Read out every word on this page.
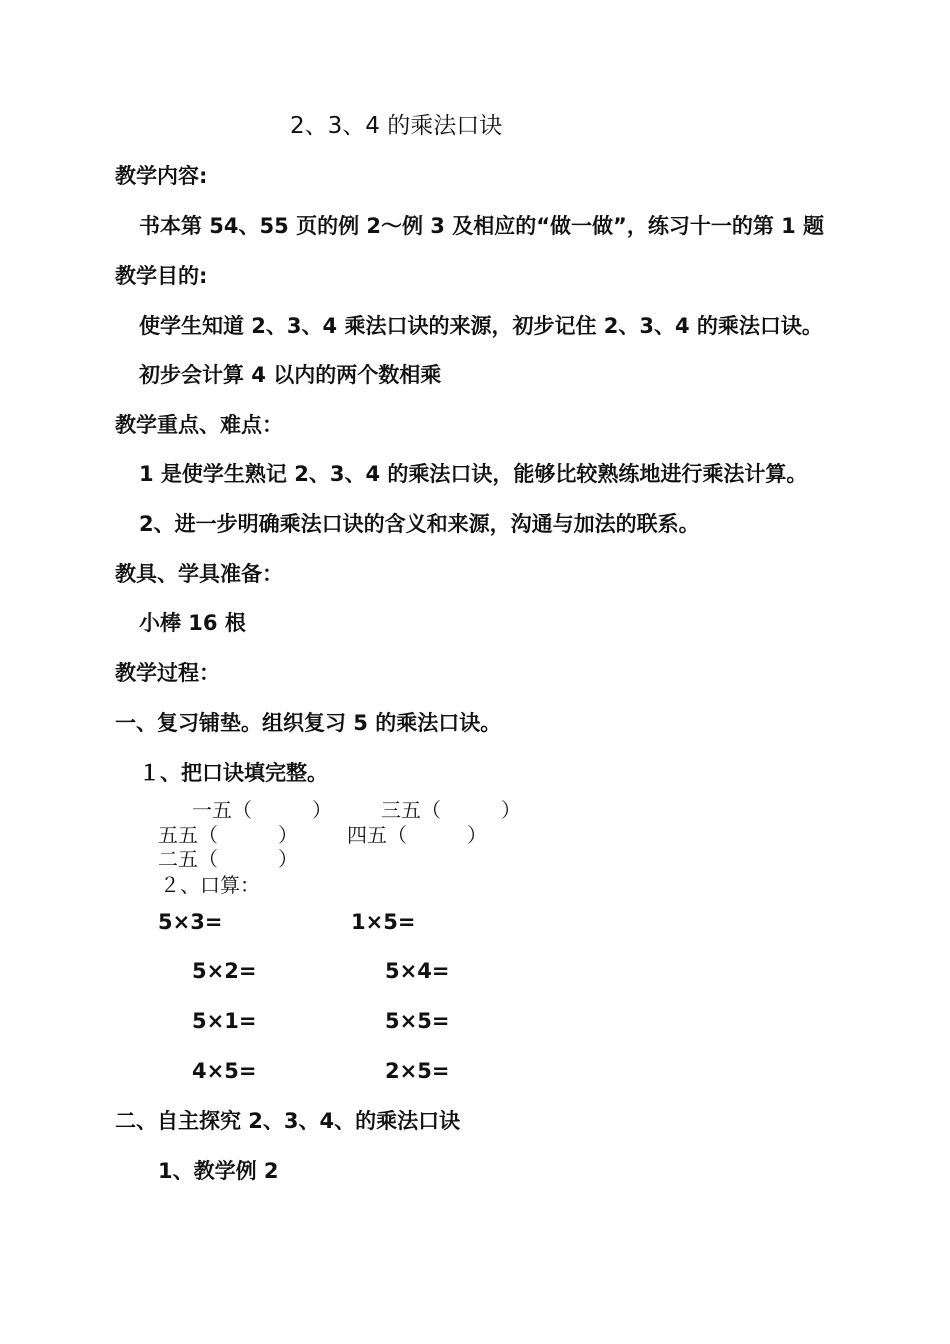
2、3、4 的乘法口诀
教学内容:
书本第 54、55 页的例 2～例 3 及相应的“做一做”，练习十一的第 1 题
教学目的:
使学生知道 2、3、4 乘法口诀的来源，初步记住 2、3、4 的乘法口诀。
初步会计算 4 以内的两个数相乘
教学重点、难点：
1 是使学生熟记 2、3、4 的乘法口诀，能够比较熟练地进行乘法计算。
2、进一步明确乘法口诀的含义和来源，沟通与加法的联系。
教具、学具准备：
小棒 16 根
教学过程：
一、复习铺垫。组织复习 5 的乘法口诀。
１、把口诀填完整。
一五（　　　） 三五（　　　）
五五（　　　） 四五（　　　）
二五（　　　）
２、口算：
5×3=	1×5=
5×2=	5×4=
5×1=	5×5=
4×5=	2×5=
二、自主探究 2、3、4、的乘法口诀
1、教学例 2
